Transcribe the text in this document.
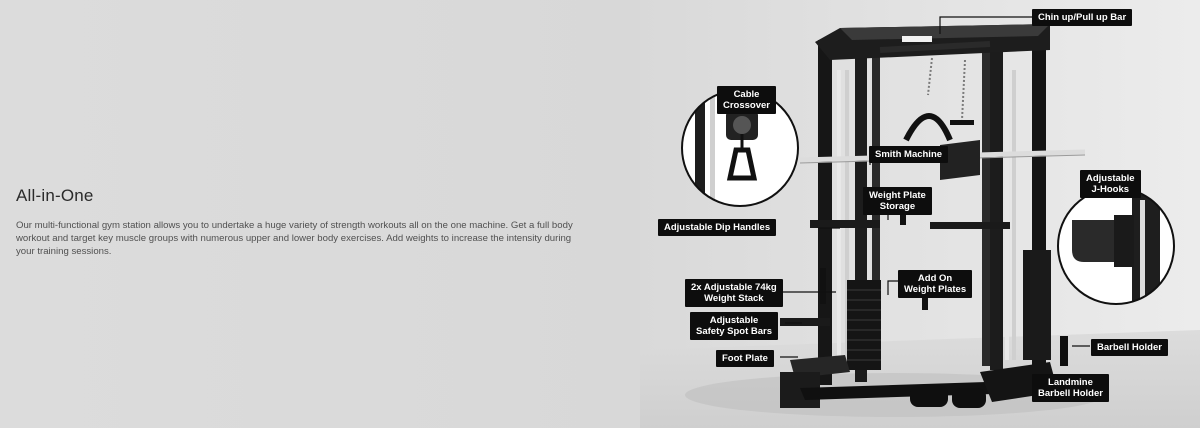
All-in-One

Our multi-functional gym station allows you to undertake a huge variety of strength workouts all on the one machine. Get a full body workout and target key muscle groups with numerous upper and lower body exercises. Add weights to increase the intensity during your training sessions.

Chin up/Pull up Bar
Cable
Crossover
Smith Machine
Adjustable
J-Hooks
Weight Plate
Storage
Adjustable Dip Handles
2x Adjustable 74kg
Weight Stack
Add On
Weight Plates
Adjustable
Safety Spot Bars
Foot Plate
Barbell Holder
Landmine
Barbell Holder
